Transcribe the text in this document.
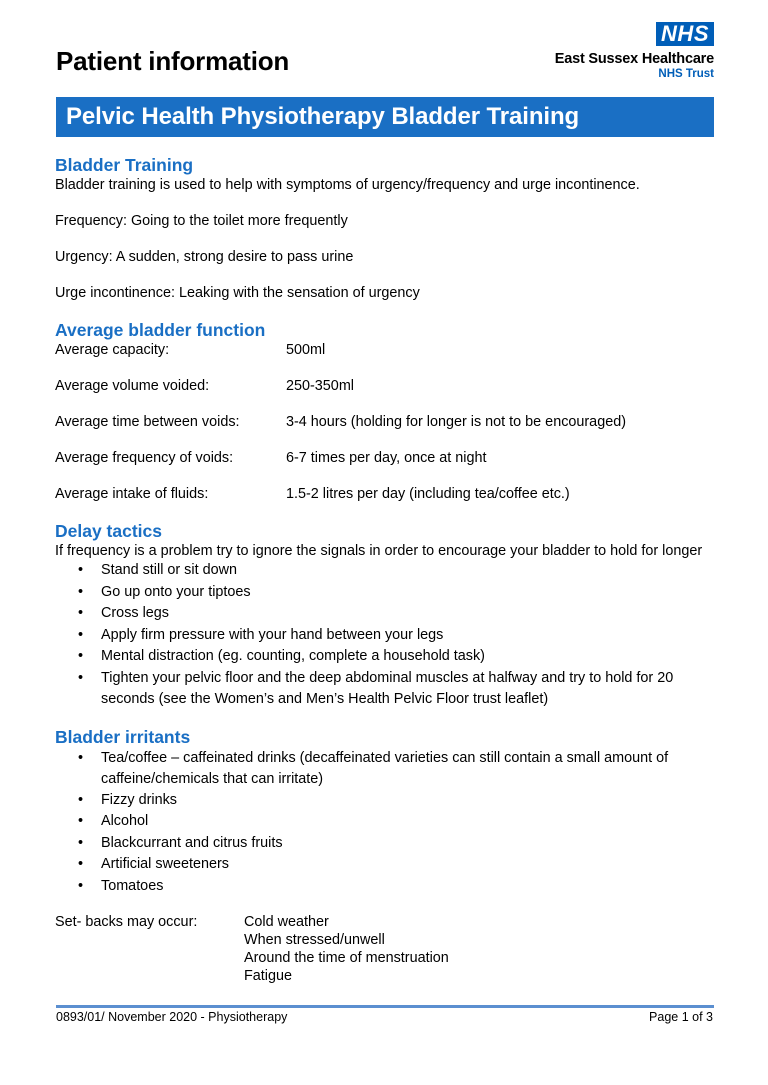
Patient information
NHS
East Sussex Healthcare
NHS Trust
Pelvic Health Physiotherapy Bladder Training
Bladder Training

Bladder training is used to help with symptoms of urgency/frequency and urge incontinence.

Frequency: Going to the toilet more frequently

Urgency: A sudden, strong desire to pass urine

Urge incontinence: Leaking with the sensation of urgency

Average bladder function
Average capacity:	500ml
Average volume voided:	250-350ml
Average time between voids:	3-4 hours (holding for longer is not to be encouraged)
Average frequency of voids:	6-7 times per day, once at night
Average intake of fluids:	1.5-2 litres per day (including tea/coffee etc.)
Delay tactics

If frequency is a problem try to ignore the signals in order to encourage your bladder to hold for longer

• Stand still or sit down
• Go up onto your tiptoes
• Cross legs
• Apply firm pressure with your hand between your legs
• Mental distraction (eg. counting, complete a household task)
• Tighten your pelvic floor and the deep abdominal muscles at halfway and try to hold for 20 seconds (see the Women’s and Men’s Health Pelvic Floor trust leaflet)
Bladder irritants
• Tea/coffee – caffeinated drinks (decaffeinated varieties can still contain a small amount of caffeine/chemicals that can irritate)
• Fizzy drinks
• Alcohol
• Blackcurrant and citrus fruits
• Artificial sweeteners
• Tomatoes
Set- backs may occur:	Cold weather
When stressed/unwell
Around the time of menstruation
Fatigue
0893/01/ November 2020 - Physiotherapy	Page 1 of 3
